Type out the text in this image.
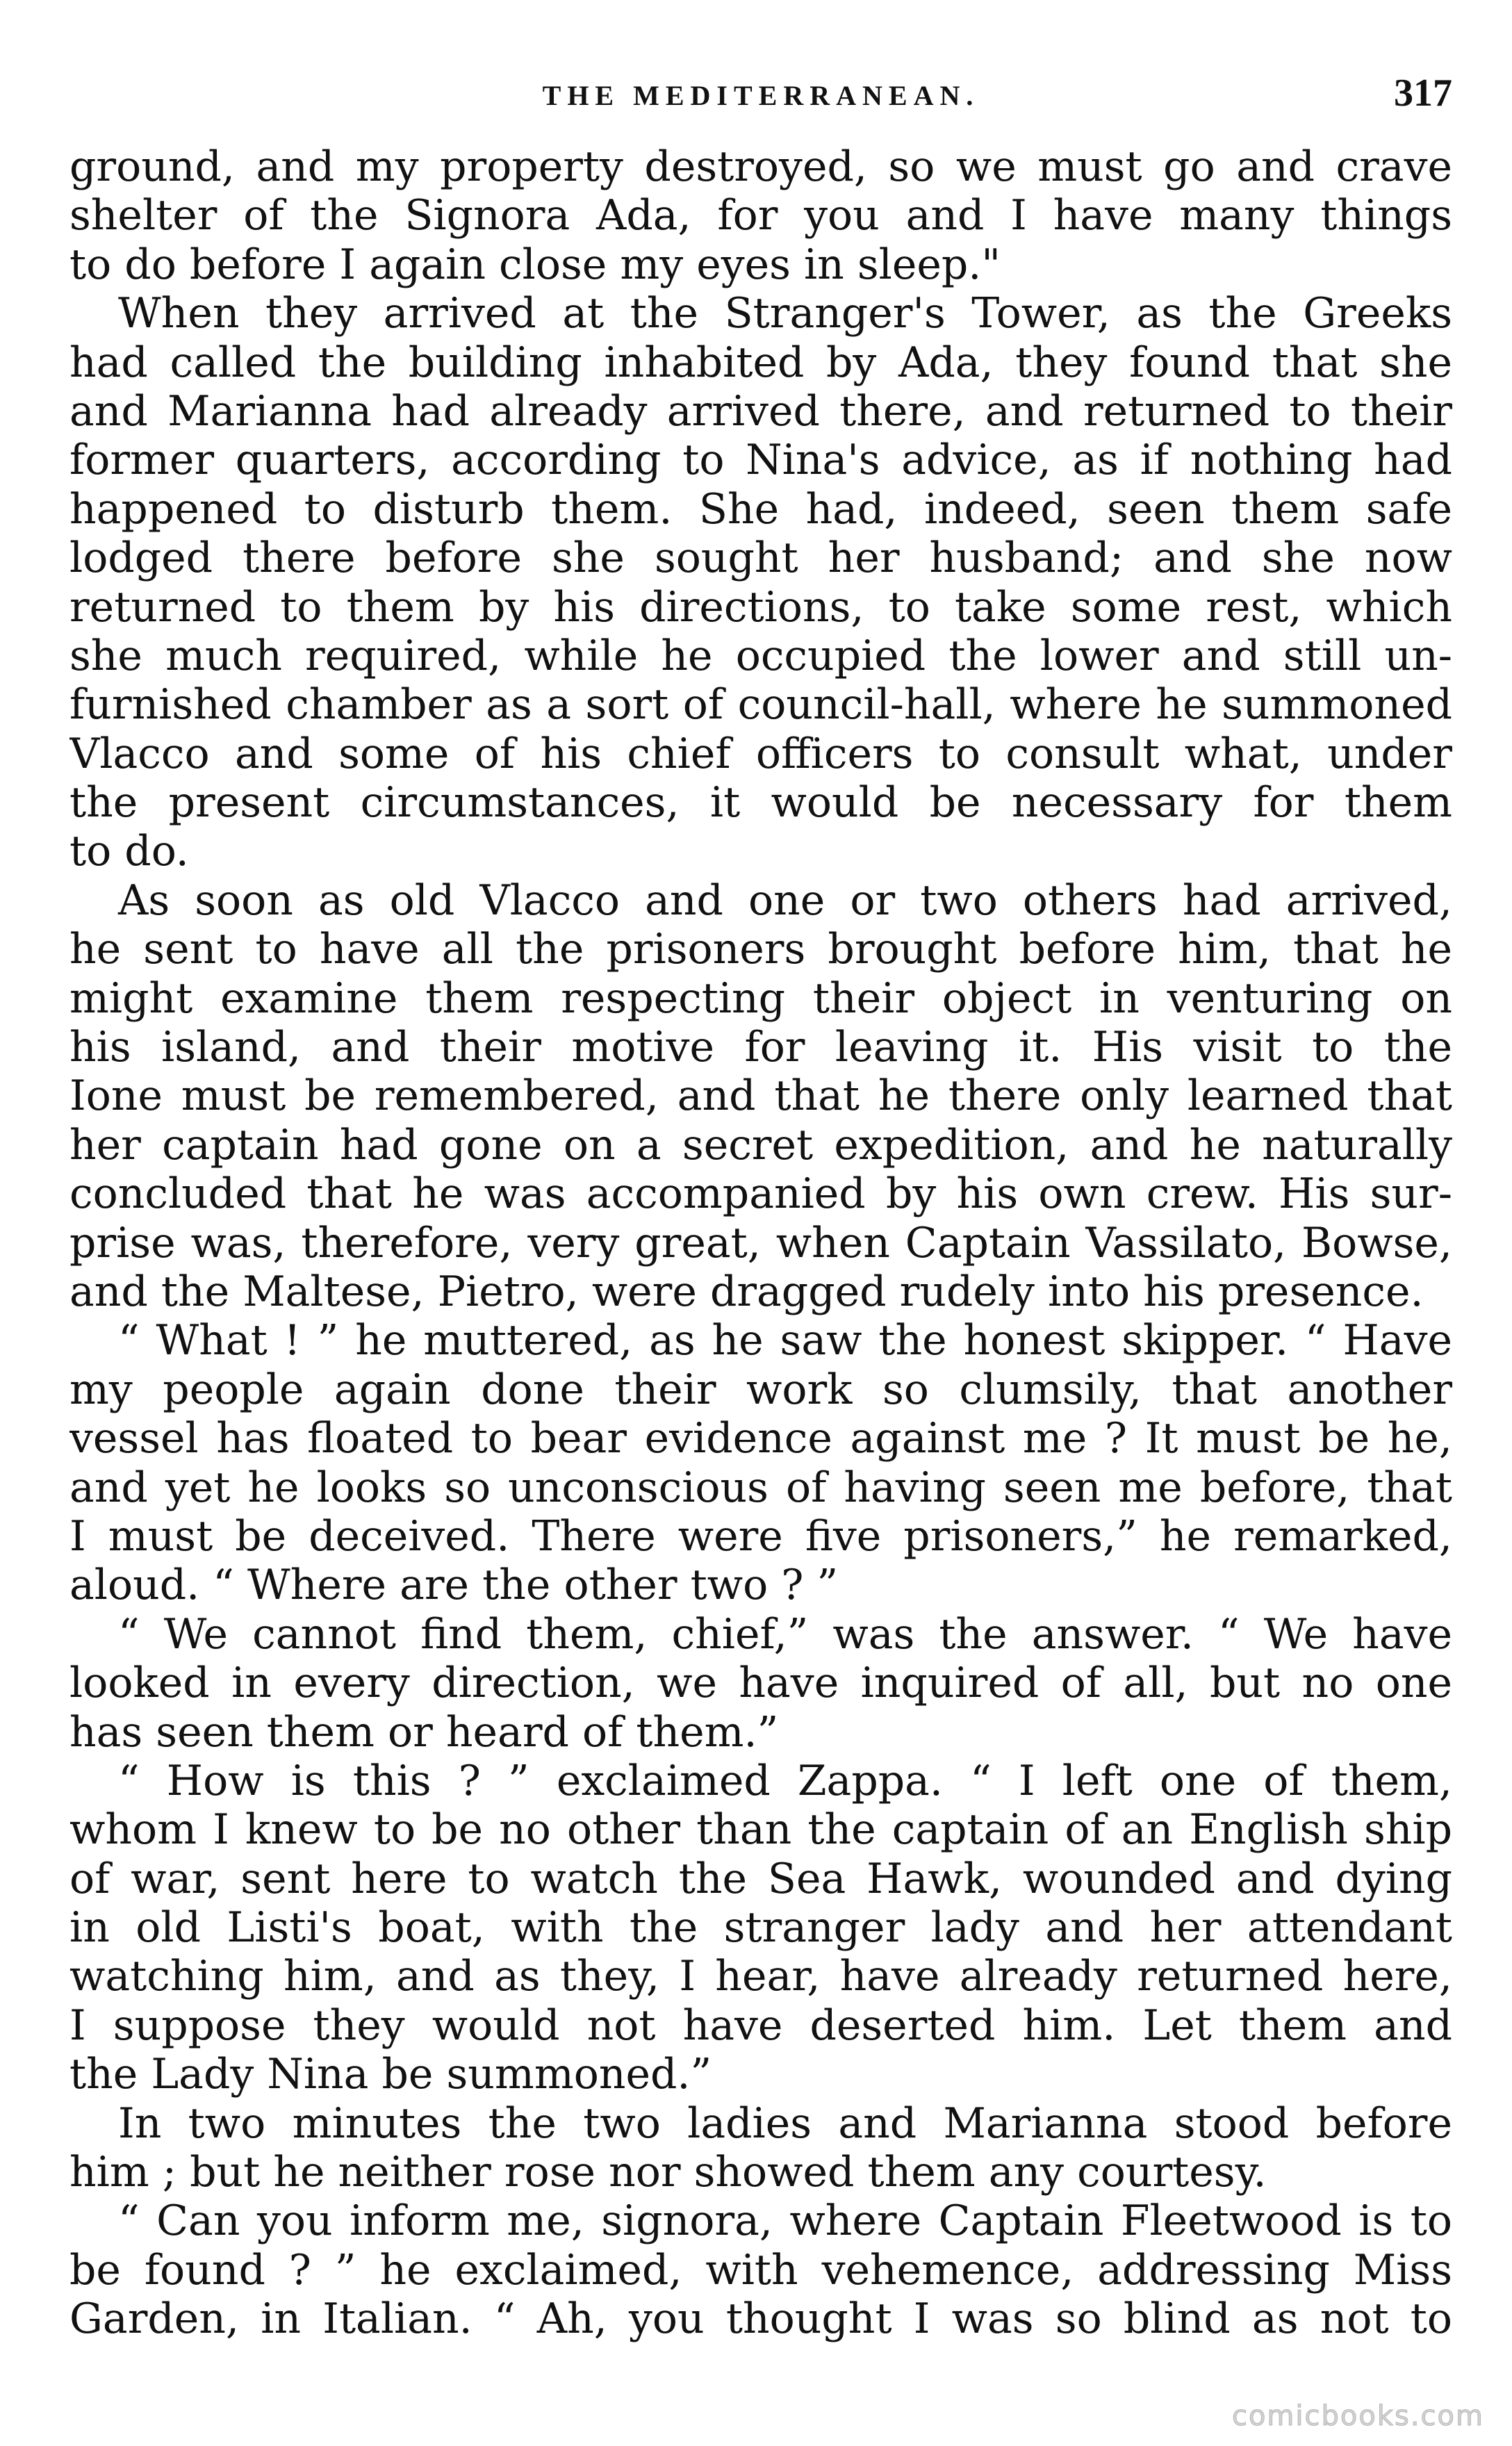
THE MEDITERRANEAN.	317
ground, and my property destroyed, so we must go and crave
shelter of the Signora Ada, for you and I have many things
to do before I again close my eyes in sleep."
When they arrived at the Stranger's Tower, as the Greeks
had called the building inhabited by Ada, they found that she
and Marianna had already arrived there, and returned to their
former quarters, according to Nina's advice, as if nothing had
happened to disturb them. She had, indeed, seen them safe
lodged there before she sought her husband; and she now
returned to them by his directions, to take some rest, which
she much required, while he occupied the lower and still un-
furnished chamber as a sort of council-hall, where he summoned
Vlacco and some of his chief officers to consult what, under
the present circumstances, it would be necessary for them
to do.
As soon as old Vlacco and one or two others had arrived,
he sent to have all the prisoners brought before him, that he
might examine them respecting their object in venturing on
his island, and their motive for leaving it. His visit to the
Ione must be remembered, and that he there only learned that
her captain had gone on a secret expedition, and he naturally
concluded that he was accompanied by his own crew. His sur-
prise was, therefore, very great, when Captain Vassilato, Bowse,
and the Maltese, Pietro, were dragged rudely into his presence.
“ What ! ” he muttered, as he saw the honest skipper. “ Have
my people again done their work so clumsily, that another
vessel has floated to bear evidence against me ? It must be he,
and yet he looks so unconscious of having seen me before, that
I must be deceived. There were five prisoners,” he remarked,
aloud. “ Where are the other two ? ”
“ We cannot find them, chief,” was the answer. “ We have
looked in every direction, we have inquired of all, but no one
has seen them or heard of them.”
“ How is this ? ” exclaimed Zappa. “ I left one of them,
whom I knew to be no other than the captain of an English ship
of war, sent here to watch the Sea Hawk, wounded and dying
in old Listi's boat, with the stranger lady and her attendant
watching him, and as they, I hear, have already returned here,
I suppose they would not have deserted him. Let them and
the Lady Nina be summoned.”
In two minutes the two ladies and Marianna stood before
him ; but he neither rose nor showed them any courtesy.
“ Can you inform me, signora, where Captain Fleetwood is to
be found ? ” he exclaimed, with vehemence, addressing Miss
Garden, in Italian. “ Ah, you thought I was so blind as not to
comicbooks.com
